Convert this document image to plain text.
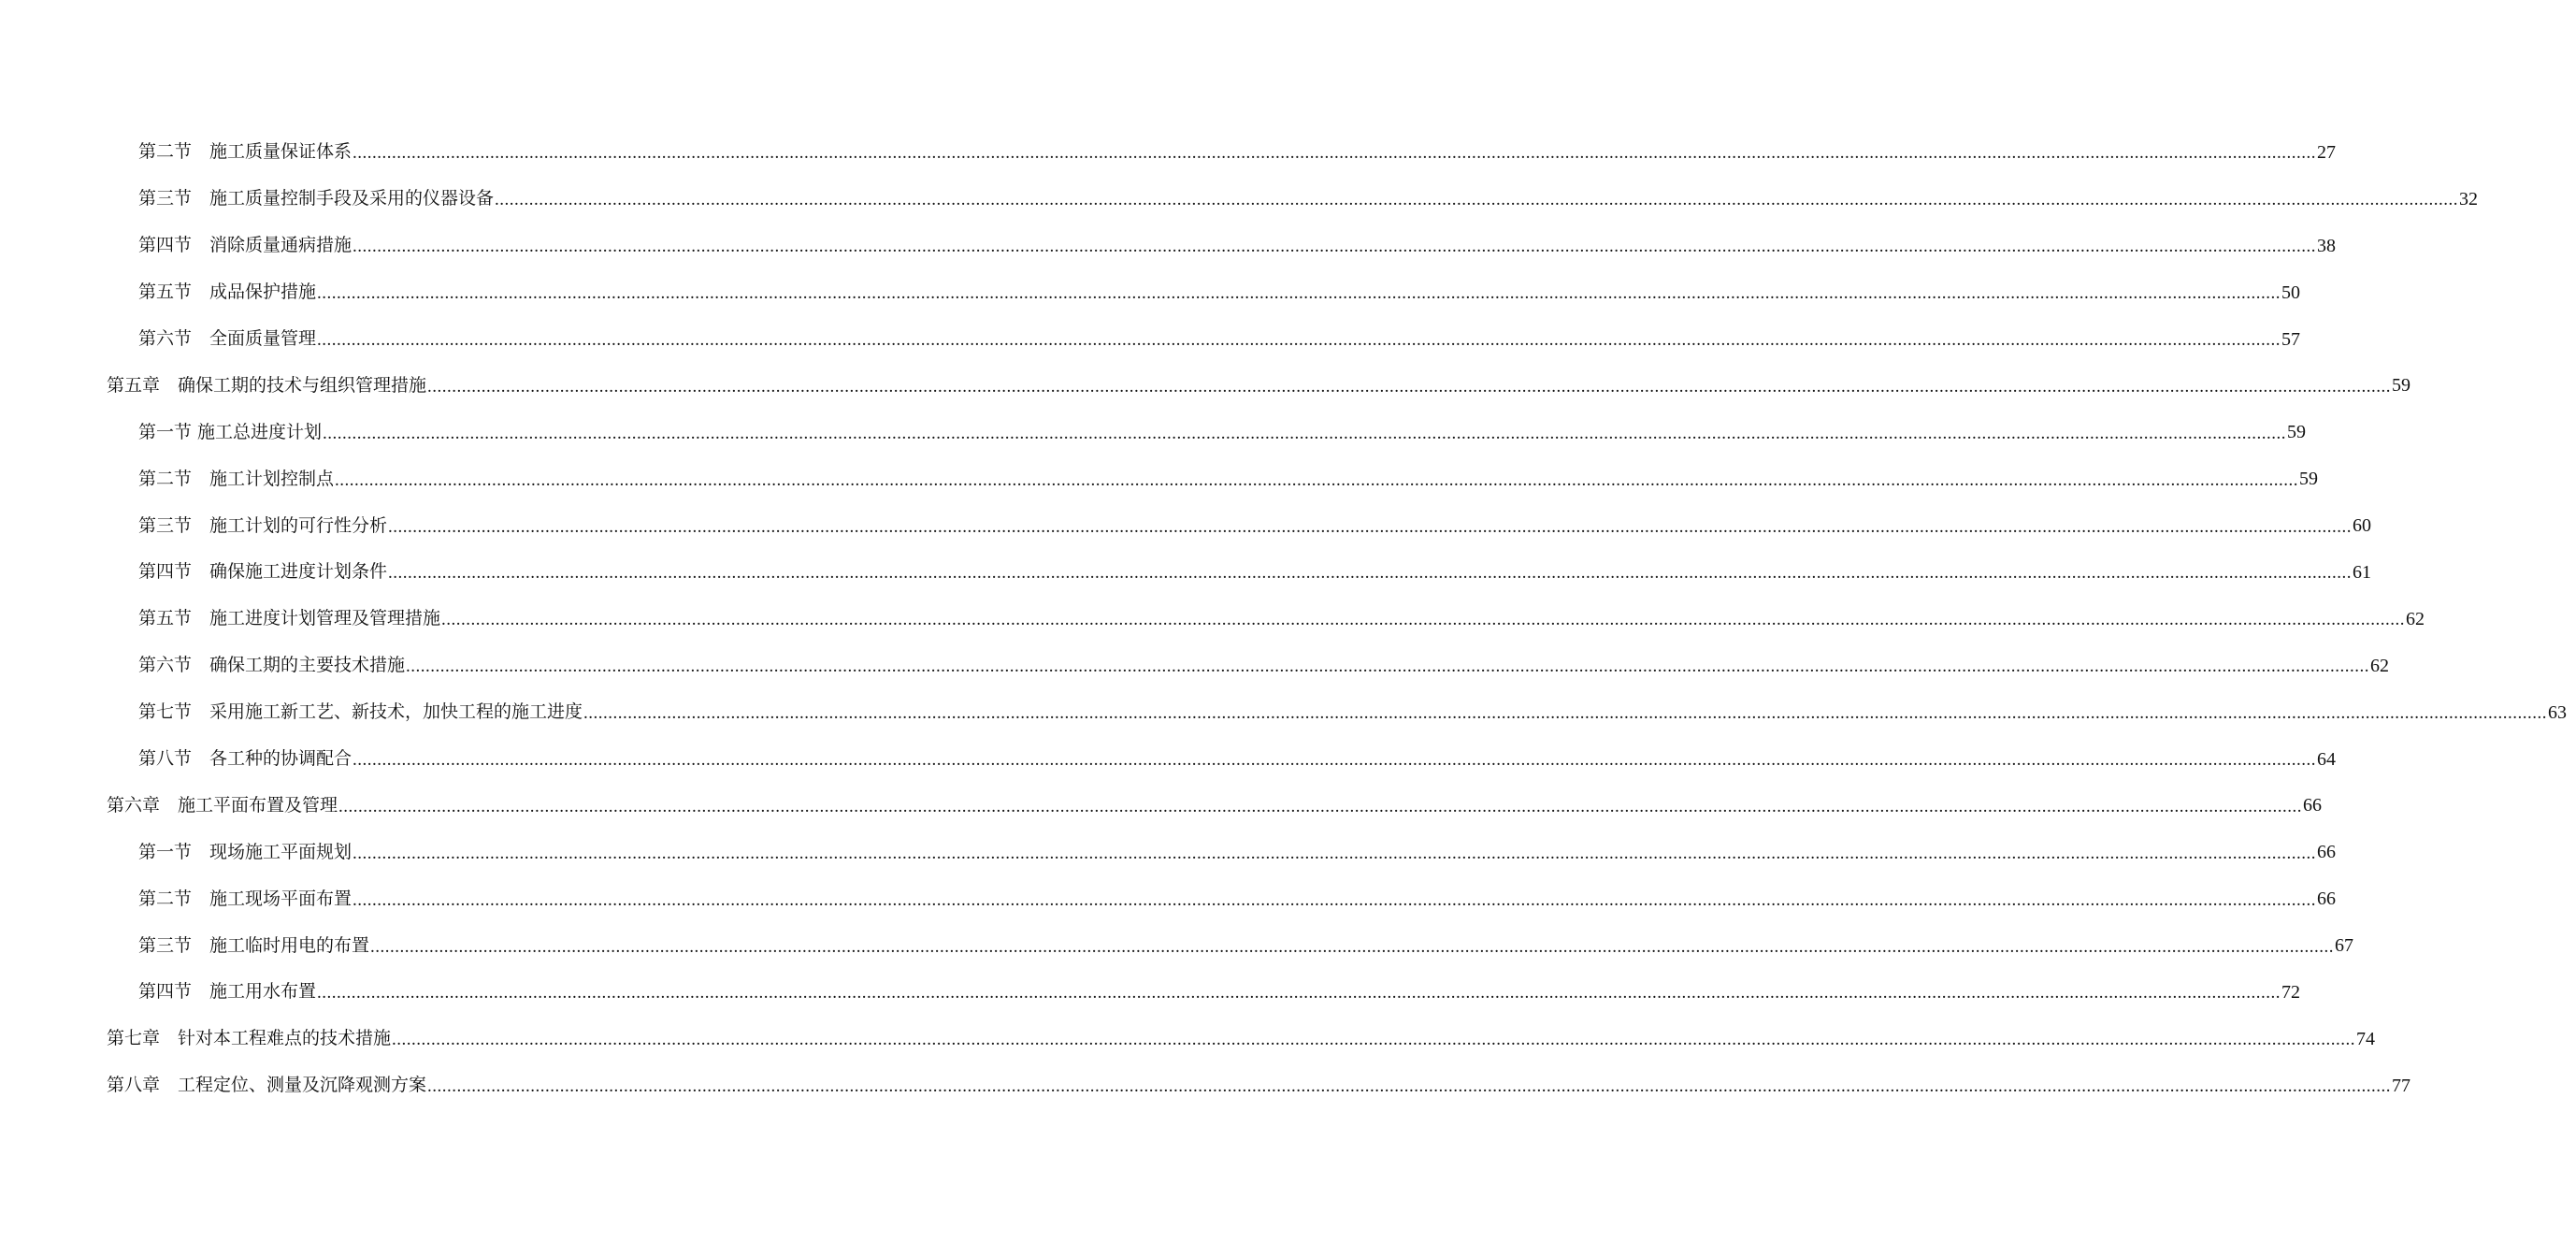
第二节　施工质量保证体系 ................................................................................................................................................................................................................................................................................................................................................................................................................ 27
第三节　施工质量控制手段及采用的仪器设备 ................................................................................................................................................................................................................................................................................................................................................................................................................ 32
第四节　消除质量通病措施 ................................................................................................................................................................................................................................................................................................................................................................................................................ 38
第五节　成品保护措施 ................................................................................................................................................................................................................................................................................................................................................................................................................ 50
第六节　全面质量管理 ................................................................................................................................................................................................................................................................................................................................................................................................................ 57
第五章　确保工期的技术与组织管理措施 ................................................................................................................................................................................................................................................................................................................................................................................................................ 59
第一节 施工总进度计划 ................................................................................................................................................................................................................................................................................................................................................................................................................ 59
第二节　施工计划控制点 ................................................................................................................................................................................................................................................................................................................................................................................................................ 59
第三节　施工计划的可行性分析 ................................................................................................................................................................................................................................................................................................................................................................................................................ 60
第四节　确保施工进度计划条件 ................................................................................................................................................................................................................................................................................................................................................................................................................ 61
第五节　施工进度计划管理及管理措施 ................................................................................................................................................................................................................................................................................................................................................................................................................ 62
第六节　确保工期的主要技术措施 ................................................................................................................................................................................................................................................................................................................................................................................................................ 62
第七节　采用施工新工艺、新技术，加快工程的施工进度 ................................................................................................................................................................................................................................................................................................................................................................................................................ 63
第八节　各工种的协调配合 ................................................................................................................................................................................................................................................................................................................................................................................................................ 64
第六章　施工平面布置及管理 ................................................................................................................................................................................................................................................................................................................................................................................................................ 66
第一节　现场施工平面规划 ................................................................................................................................................................................................................................................................................................................................................................................................................ 66
第二节　施工现场平面布置 ................................................................................................................................................................................................................................................................................................................................................................................................................ 66
第三节　施工临时用电的布置 ................................................................................................................................................................................................................................................................................................................................................................................................................ 67
第四节　施工用水布置 ................................................................................................................................................................................................................................................................................................................................................................................................................ 72
第七章　针对本工程难点的技术措施 ................................................................................................................................................................................................................................................................................................................................................................................................................ 74
第八章　工程定位、测量及沉降观测方案 ................................................................................................................................................................................................................................................................................................................................................................................................................ 77
